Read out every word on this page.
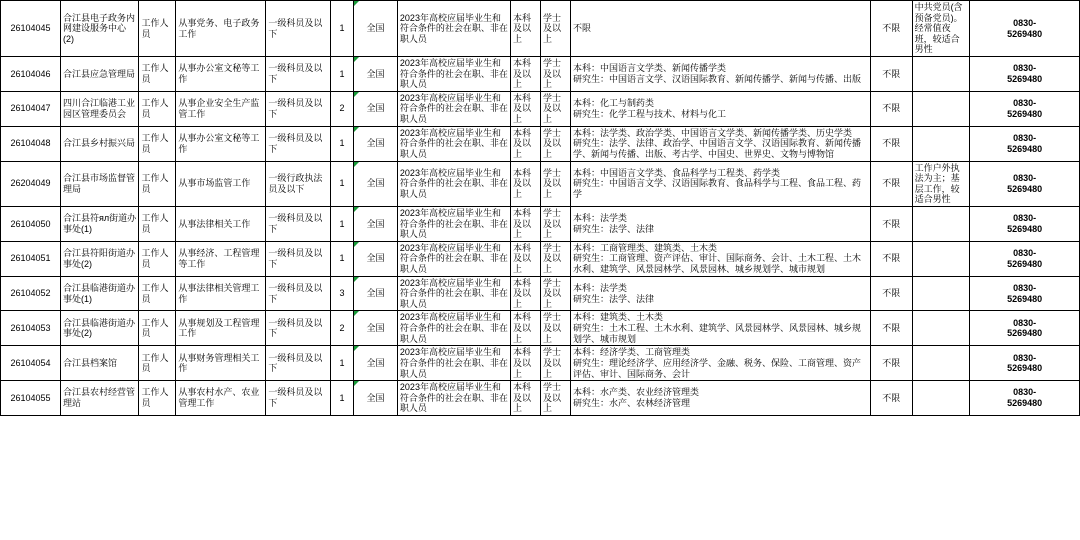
26104045	合江县电子政务内网建设服务中心(2)	工作人员	从事党务、电子政务工作	一级科员及以下	1	全国	2023年高校应届毕业生和符合条件的社会在职、非在职人员	本科及以上	学士及以上	不限	不限	中共党员(含预备党员)。经常值夜班，较适合男性	0830-
5269480

26104046	合江县应急管理局	工作人员	从事办公室文秘等工作	一级科员及以下	1	全国	2023年高校应届毕业生和符合条件的社会在职、非在职人员	本科及以上	学士及以上	本科：中国语言文学类、新闻传播学类
研究生：中国语言文学、汉语国际教育、新闻传播学、新闻与传播、出版	不限		0830-
5269480

26104047	四川合江临港工业园区管理委员会	工作人员	从事企业安全生产监管工作	一级科员及以下	2	全国	2023年高校应届毕业生和符合条件的社会在职、非在职人员	本科及以上	学士及以上	本科：化工与制药类
研究生：化学工程与技术、材料与化工	不限		0830-
5269480

26104048	合江县乡村振兴局	工作人员	从事办公室文秘等工作	一级科员及以下	1	全国	2023年高校应届毕业生和符合条件的社会在职、非在职人员	本科及以上	学士及以上	本科：法学类、政治学类、中国语言文学类、新闻传播学类、历史学类
研究生：法学、法律、政治学、中国语言文学、汉语国际教育、新闻传播学、新闻与传播、出版、考古学、中国史、世界史、文物与博物馆	不限		0830-
5269480

26204049	合江县市场监督管理局	工作人员	从事市场监管工作	一级行政执法员及以下	1	全国	2023年高校应届毕业生和符合条件的社会在职、非在职人员	本科及以上	学士及以上	本科：中国语言文学类、食品科学与工程类、药学类
研究生：中国语言文学、汉语国际教育、食品科学与工程、食品工程、药学	不限	工作户外执法为主；基层工作，较适合男性	0830-
5269480

26104050	合江县符ял街道办事处(1)	工作人员	从事法律相关工作	一级科员及以下	1	全国	2023年高校应届毕业生和符合条件的社会在职、非在职人员	本科及以上	学士及以上	本科：法学类
研究生：法学、法律	不限		0830-
5269480

26104051	合江县符阳街道办事处(2)	工作人员	从事经济、工程管理等工作	一级科员及以下	1	全国	2023年高校应届毕业生和符合条件的社会在职、非在职人员	本科及以上	学士及以上	本科：工商管理类、建筑类、土木类
研究生：工商管理、资产评估、审计、国际商务、会计、土木工程、土木水利、建筑学、风景园林学、风景园林、城乡规划学、城市规划	不限		0830-
5269480

26104052	合江县临港街道办事处(1)	工作人员	从事法律相关管理工作	一级科员及以下	3	全国	2023年高校应届毕业生和符合条件的社会在职、非在职人员	本科及以上	学士及以上	本科：法学类
研究生：法学、法律	不限		0830-
5269480

26104053	合江县临港街道办事处(2)	工作人员	从事规划及工程管理工作	一级科员及以下	2	全国	2023年高校应届毕业生和符合条件的社会在职、非在职人员	本科及以上	学士及以上	本科：建筑类、土木类
研究生：土木工程、土木水利、建筑学、风景园林学、风景园林、城乡规划学、城市规划	不限		0830-
5269480

26104054	合江县档案馆	工作人员	从事财务管理相关工作	一级科员及以下	1	全国	2023年高校应届毕业生和符合条件的社会在职、非在职人员	本科及以上	学士及以上	本科：经济学类、工商管理类
研究生：理论经济学、应用经济学、金融、税务、保险、工商管理、资产评估、审计、国际商务、会计	不限		0830-
5269480

26104055	合江县农村经营管理站	工作人员	从事农村水产、农业管理工作	一级科员及以下	1	全国	2023年高校应届毕业生和符合条件的社会在职、非在职人员	本科及以上	学士及以上	本科：水产类、农业经济管理类
研究生：水产、农林经济管理	不限		0830-
5269480
